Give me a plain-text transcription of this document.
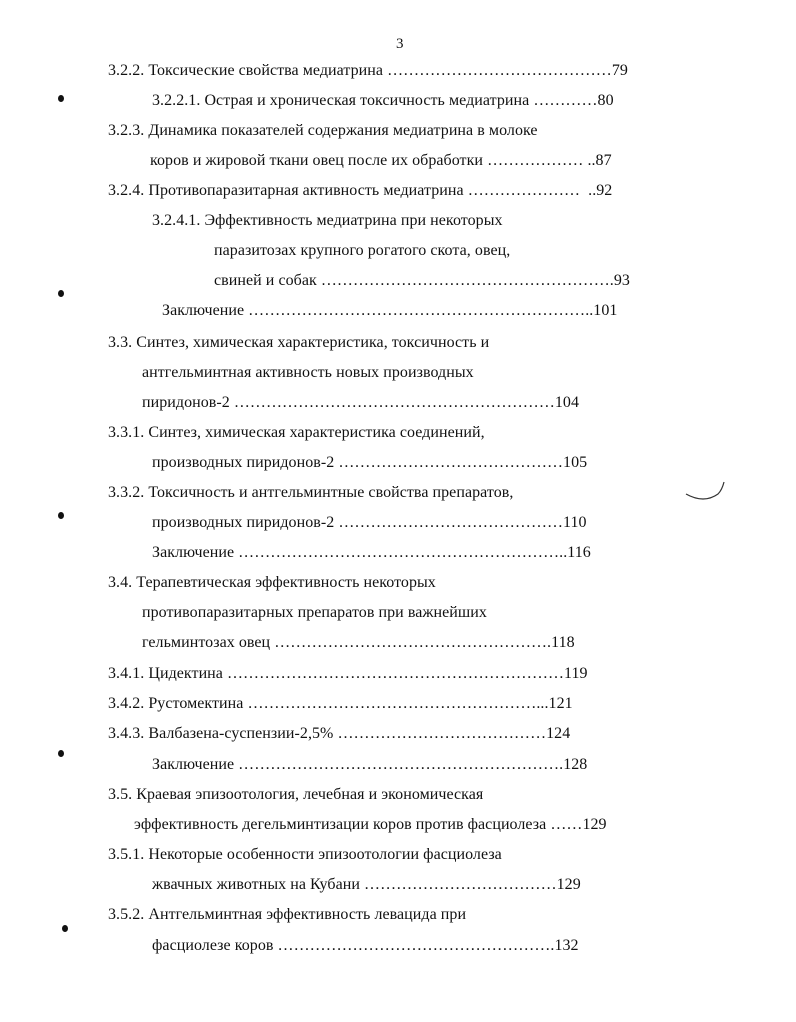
3
3.2.2. Токсические свойства медиатрина ……………………………………79
3.2.2.1. Острая и хроническая токсичность медиатрина …………80
3.2.3. Динамика показателей содержания медиатрина в молоке
коров и жировой ткани овец после их обработки ……………… ..87
3.2.4. Противопаразитарная активность медиатрина …………………  ..92
3.2.4.1. Эффективность медиатрина при некоторых
паразитозах крупного рогатого скота, овец,
свиней и собак ……………………………………………….93
Заключение ………………………………………………………..101
3.3. Синтез, химическая характеристика, токсичность и
антгельминтная активность новых производных
пиридонов-2 ……………………………………………………104
3.3.1. Синтез, химическая характеристика соединений,
производных пиридонов-2 ……………………………………105
3.3.2. Токсичность и антгельминтные свойства препаратов,
производных пиридонов-2 ……………………………………110
Заключение ……………………………………………………..116
3.4. Терапевтическая эффективность некоторых
противопаразитарных препаратов при важнейших
гельминтозах овец …………………………………………….118
3.4.1. Цидектина ………………………………………………………119
3.4.2. Рустомектина ………………………………………………...121
3.4.3. Валбазена-суспензии-2,5% …………………………………124
Заключение …………………………………………………….128
3.5. Краевая эпизоотология, лечебная и экономическая
эффективность дегельминтизации коров против фасциолеза ……129
3.5.1. Некоторые особенности эпизоотологии фасциолеза
жвачных животных на Кубани ………………………………129
3.5.2. Антгельминтная эффективность левацида при
фасциолезе коров …………………………………………….132
